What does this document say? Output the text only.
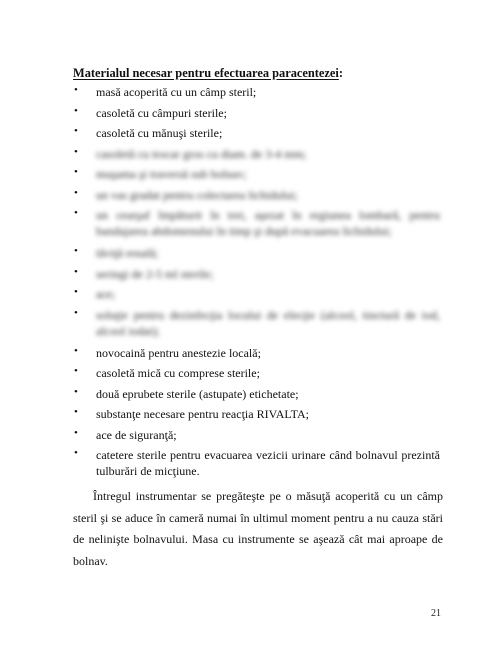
Materialul necesar pentru efectuarea paracentezei:
• masă acoperită cu un câmp steril;
• casoletă cu câmpuri sterile;
• casoletă cu mănuşi sterile;
• casoletă cu trocar gros cu diam. de 3-4 mm;
• muşama şi traversă sub bolnav;
• un vas gradat pentru colectarea lichidului;
• un cearşaf împăturit în trei, aşezat în regiunea lombară, pentru bandajarea abdomenului în timp şi după evacuarea lichidului;
• tăviţă renală;
• seringi de 2-5 ml sterile;
• ace;
• soluţie pentru dezinfecţia locului de elecţie (alcool, tinctură de iod, alcool iodat);
• novocaină pentru anestezie locală;
• casoletă mică cu comprese sterile;
• două eprubete sterile (astupate) etichetate;
• substanţe necesare pentru reacţia RIVALTA;
• ace de siguranţă;
• catetere sterile pentru evacuarea vezicii urinare când bolnavul prezintă tulburări de micţiune.
Întregul instrumentar se pregăteşte pe o măsuţă acoperită cu un câmp steril şi se aduce în cameră numai în ultimul moment pentru a nu cauza stări de nelinişte bolnavului. Masa cu instrumente se aşează cât mai aproape de bolnav.
21
